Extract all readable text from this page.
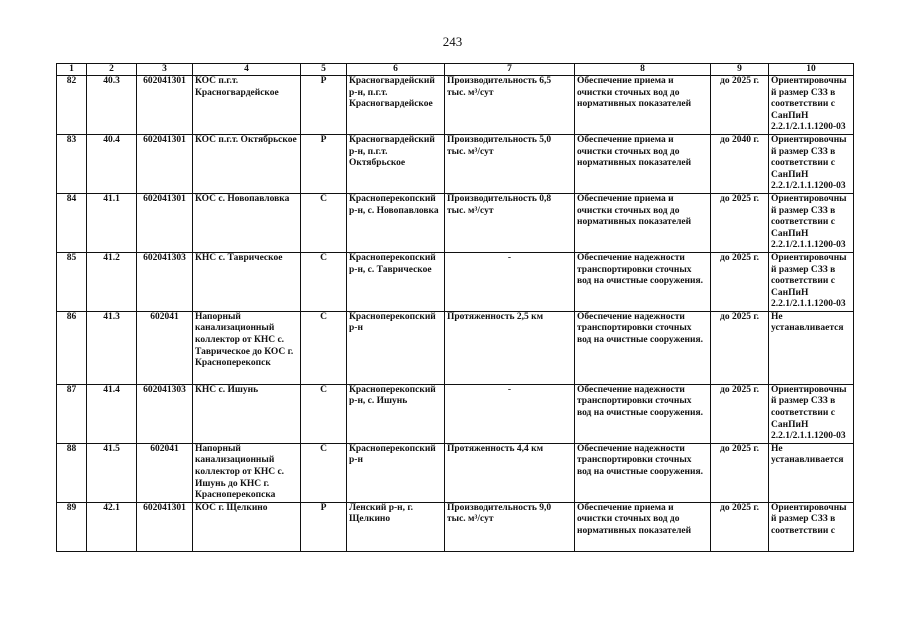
243
1	2	3	4	5	6	7	8	9	10
82	40.3	602041301	КОС п.г.т. Красногвардейское	Р	Красногвардейский р-н, п.г.т. Красногвардейское	Производительность 6,5 тыс. м³/сут	Обеспечение приема и очистки сточных вод до нормативных показателей	до 2025 г.	Ориентировочный размер СЗЗ в соответствии с СанПиН 2.2.1/2.1.1.1200-03
83	40.4	602041301	КОС п.г.т. Октябрьское	Р	Красногвардейский р-н, п.г.т. Октябрьское	Производительность 5,0 тыс. м³/сут	Обеспечение приема и очистки сточных вод до нормативных показателей	до 2040 г.	Ориентировочный размер СЗЗ в соответствии с СанПиН 2.2.1/2.1.1.1200-03
84	41.1	602041301	КОС с. Новопавловка	С	Красноперекопский р-н, с. Новопавловка	Производительность 0,8 тыс. м³/сут	Обеспечение приема и очистки сточных вод до нормативных показателей	до 2025 г.	Ориентировочный размер СЗЗ в соответствии с СанПиН 2.2.1/2.1.1.1200-03
85	41.2	602041303	КНС с. Таврическое	С	Красноперекопский р-н, с. Таврическое	-	Обеспечение надежности транспортировки сточных вод на очистные сооружения.	до 2025 г.	Ориентировочный размер СЗЗ в соответствии с СанПиН 2.2.1/2.1.1.1200-03
86	41.3	602041	Напорный канализационный коллектор от КНС с. Таврическое до КОС г. Красноперекопск	С	Красноперекопский р-н	Протяженность 2,5 км	Обеспечение надежности транспортировки сточных вод на очистные сооружения.	до 2025 г.	Не устанавливается
87	41.4	602041303	КНС с. Ишунь	С	Красноперекопский р-н, с. Ишунь	-	Обеспечение надежности транспортировки сточных вод на очистные сооружения.	до 2025 г.	Ориентировочный размер СЗЗ в соответствии с СанПиН 2.2.1/2.1.1.1200-03
88	41.5	602041	Напорный канализационный коллектор от КНС с. Ишунь до КНС г. Красноперекопска	С	Красноперекопский р-н	Протяженность 4,4 км	Обеспечение надежности транспортировки сточных вод на очистные сооружения.	до 2025 г.	Не устанавливается
89	42.1	602041301	КОС г. Щелкино	Р	Ленский р-н, г. Щелкино	Производительность 9,0 тыс. м³/сут	Обеспечение приема и очистки сточных вод до нормативных показателей	до 2025 г.	Ориентировочный размер СЗЗ в соответствии с
